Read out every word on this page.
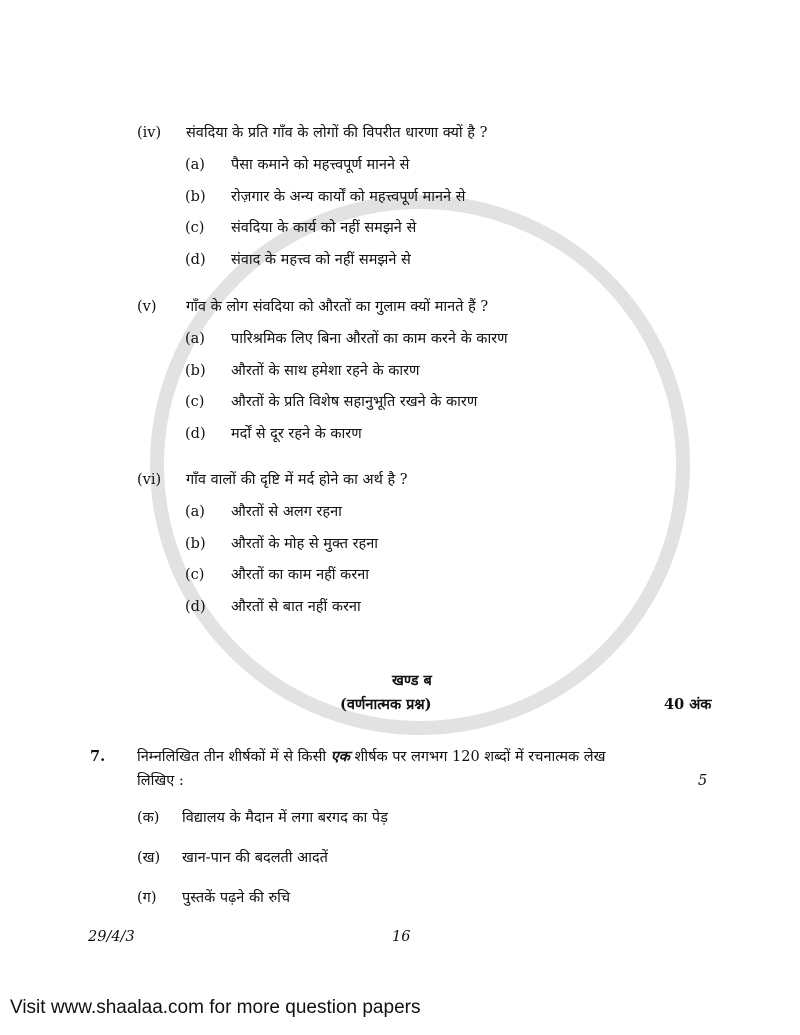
(iv) संवदिया के प्रति गाँव के लोगों की विपरीत धारणा क्यों है ?
(a) पैसा कमाने को महत्त्वपूर्ण मानने से
(b) रोज़गार के अन्य कार्यों को महत्त्वपूर्ण मानने से
(c) संवदिया के कार्य को नहीं समझने से
(d) संवाद के महत्त्व को नहीं समझने से
(v) गाँव के लोग संवदिया को औरतों का गुलाम क्यों मानते हैं ?
(a) पारिश्रमिक लिए बिना औरतों का काम करने के कारण
(b) औरतों के साथ हमेशा रहने के कारण
(c) औरतों के प्रति विशेष सहानुभूति रखने के कारण
(d) मर्दों से दूर रहने के कारण
(vi) गाँव वालों की दृष्टि में मर्द होने का अर्थ है ?
(a) औरतों से अलग रहना
(b) औरतों के मोह से मुक्त रहना
(c) औरतों का काम नहीं करना
(d) औरतों से बात नहीं करना
खण्ड ब
(वर्णनात्मक प्रश्न)	40 अंक
7. निम्नलिखित तीन शीर्षकों में से किसी एक शीर्षक पर लगभग 120 शब्दों में रचनात्मक लेख
लिखिए :	5
(क) विद्यालय के मैदान में लगा बरगद का पेड़
(ख) खान-पान की बदलती आदतें
(ग) पुस्तकें पढ़ने की रुचि
29/4/3	16
Visit www.shaalaa.com for more question papers
